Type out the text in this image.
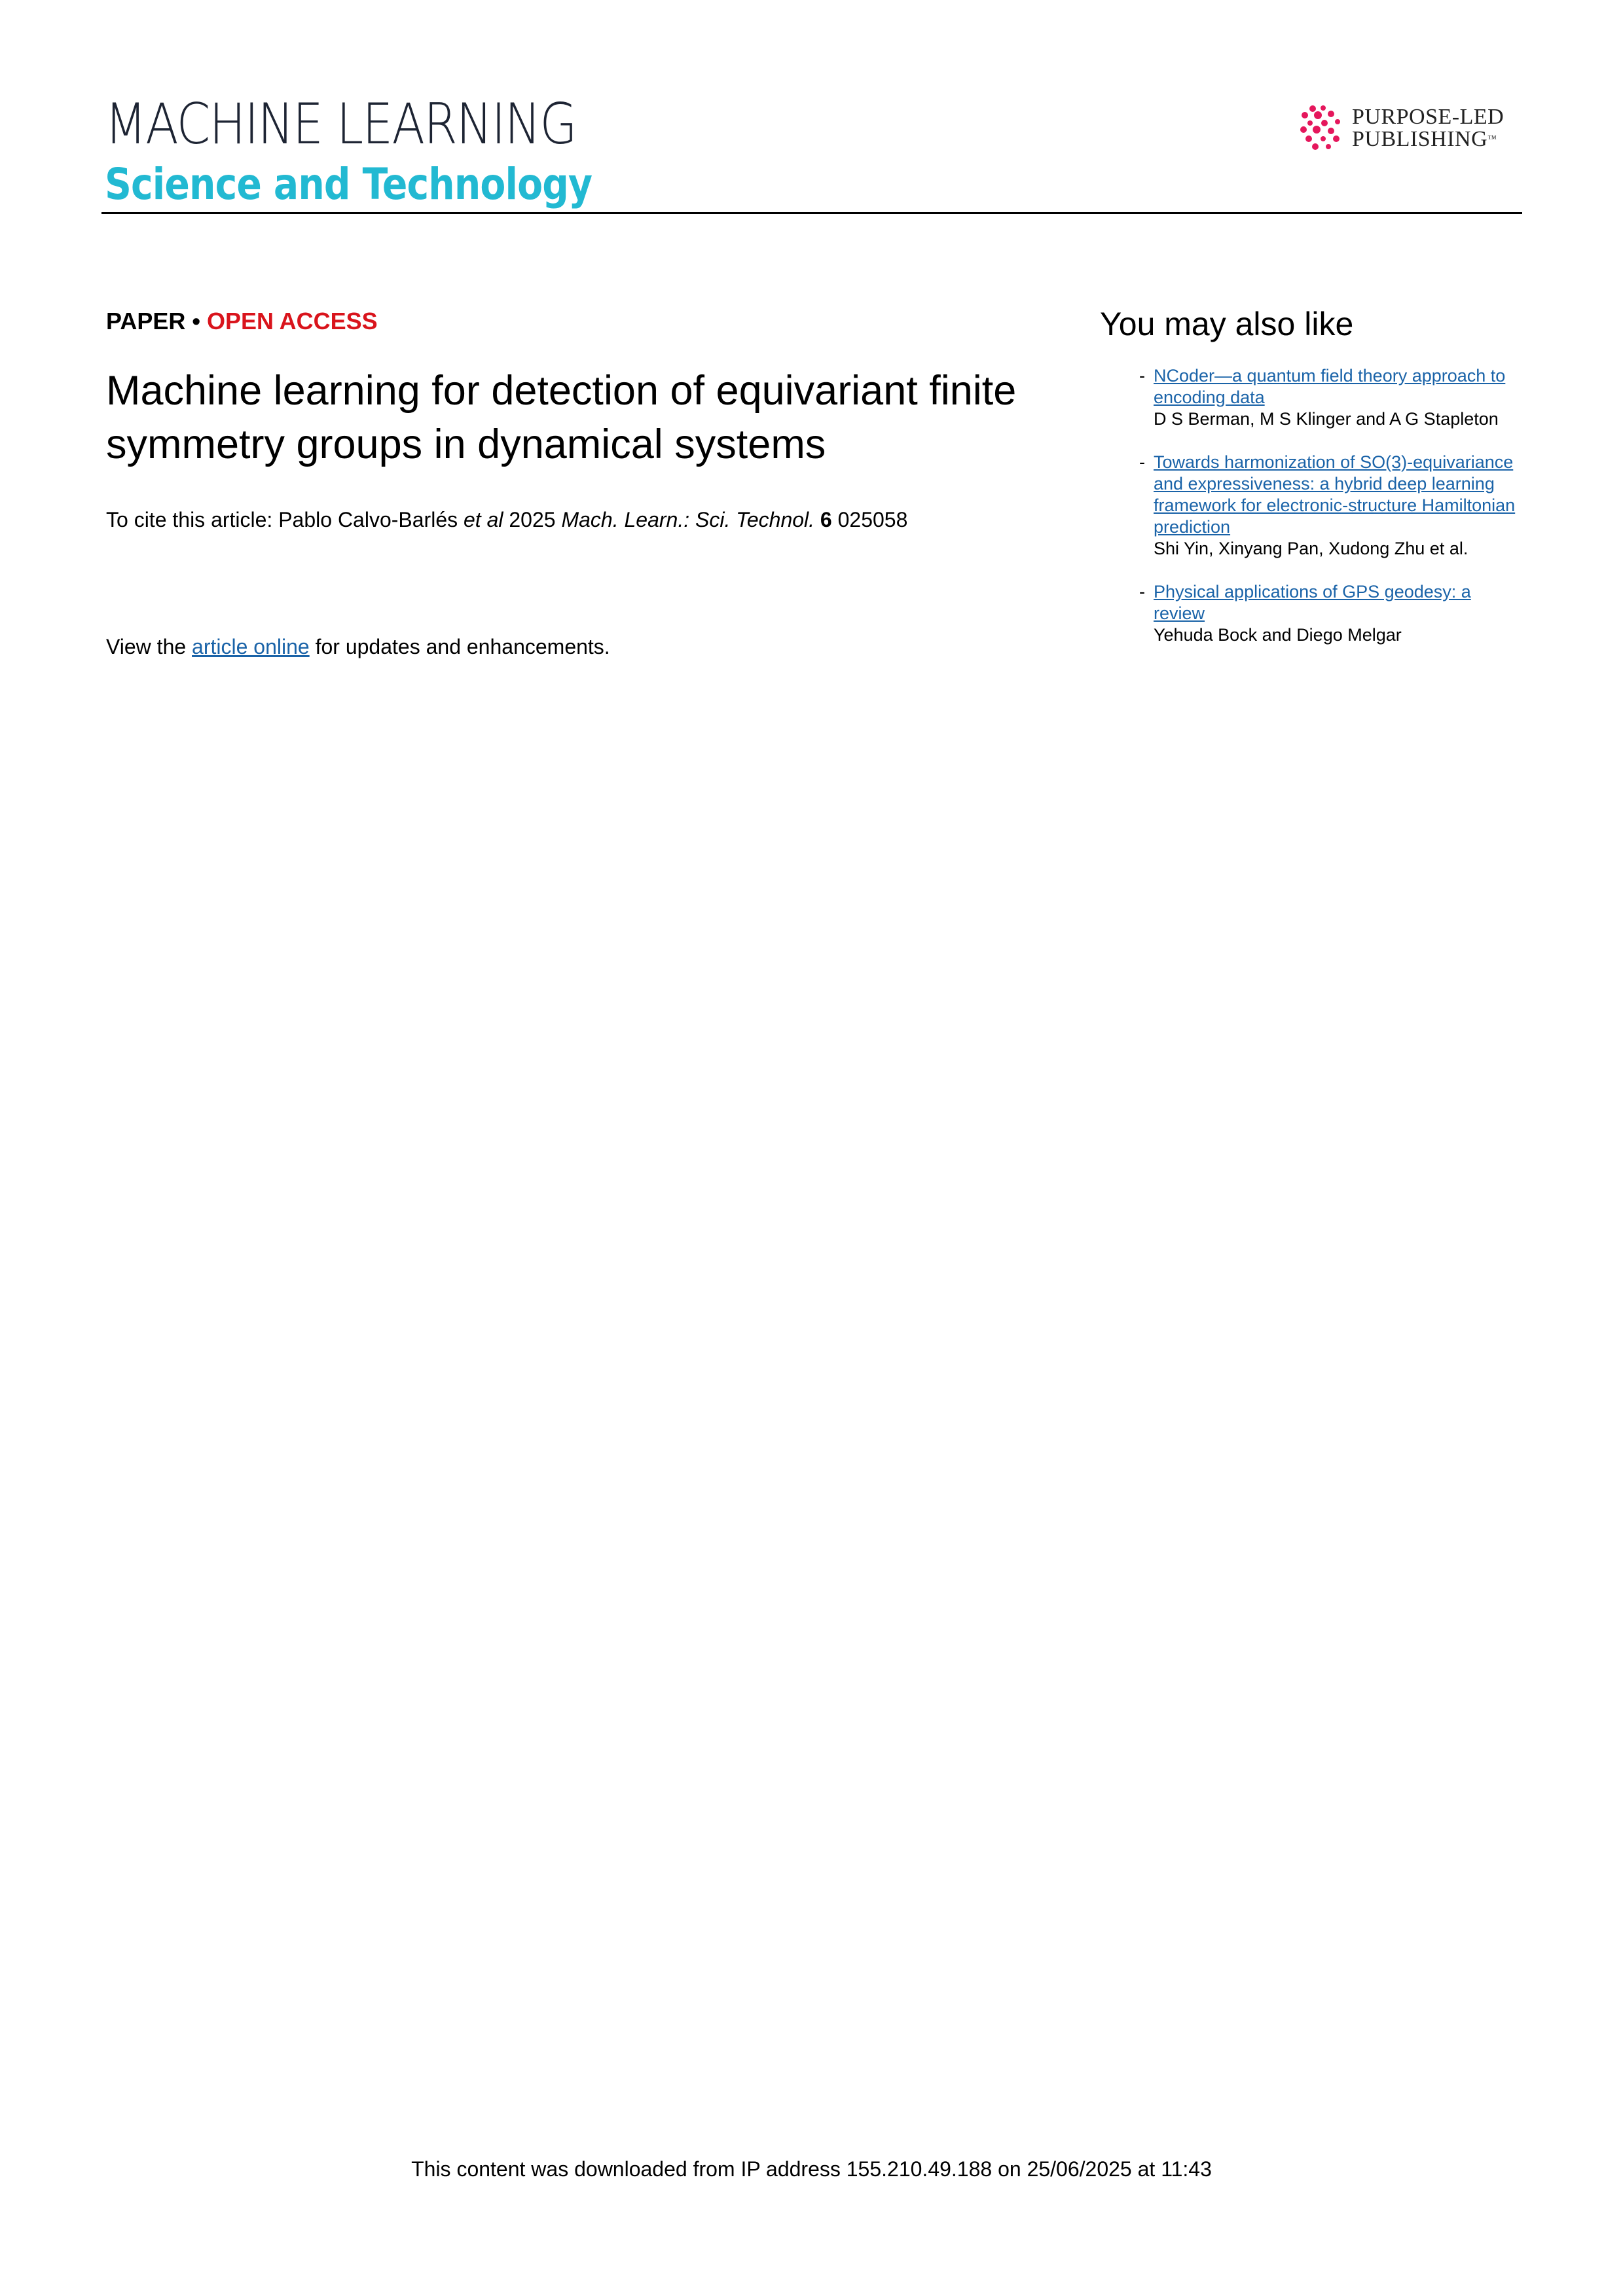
MACHINE LEARNING
Science and Technology
PURPOSE-LED
PUBLISHING™
PAPER • OPEN ACCESS
Machine learning for detection of equivariant finite symmetry groups in dynamical systems
To cite this article: Pablo Calvo-Barlés et al 2025 Mach. Learn.: Sci. Technol. 6 025058
View the article online for updates and enhancements.
You may also like
- NCoder—a quantum field theory approach to encoding data
D S Berman, M S Klinger and A G Stapleton
- Towards harmonization of SO(3)-equivariance and expressiveness: a hybrid deep learning framework for electronic-structure Hamiltonian prediction
Shi Yin, Xinyang Pan, Xudong Zhu et al.
- Physical applications of GPS geodesy: a review
Yehuda Bock and Diego Melgar
This content was downloaded from IP address 155.210.49.188 on 25/06/2025 at 11:43
